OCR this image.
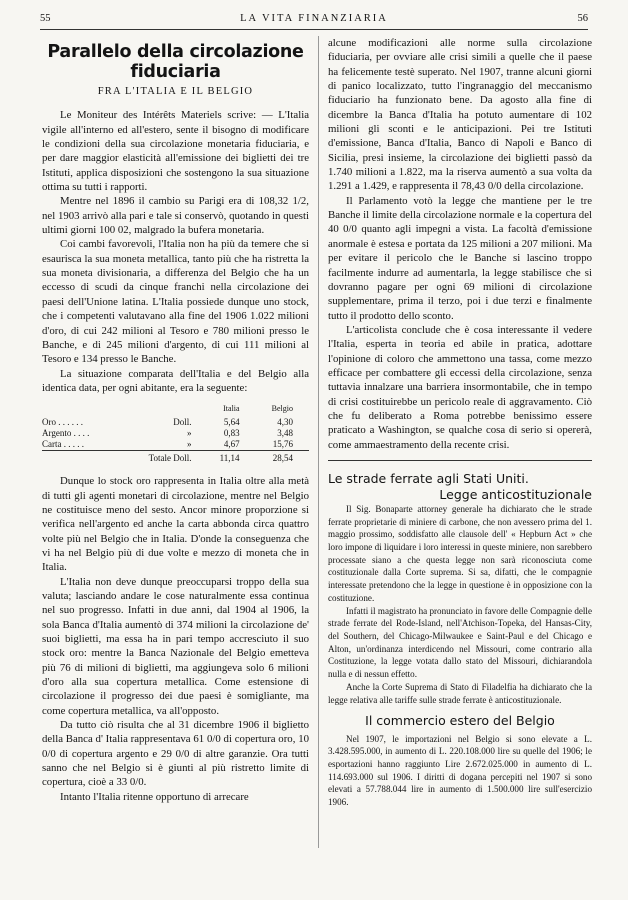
55	LA VITA FINANZIARIA	56
Parallelo della circolazione fiduciaria
FRA L'ITALIA E IL BELGIO

Le Moniteur des Intérêts Materiels scrive: — L'Italia vigile all'interno ed all'estero, sente il bisogno di modificare le condizioni della sua circolazione monetaria fiduciaria, e per dare maggior elasticità all'emissione dei biglietti dei tre Istituti, applica disposizioni che sostengono la sua situazione ottima su tutti i rapporti.

Mentre nel 1896 il cambio su Parigi era di 108,32 1/2, nel 1903 arrivò alla pari e tale si conservò, quotando in questi ultimi giorni 100 02, malgrado la bufera monetaria.

Coi cambi favorevoli, l'Italia non ha più da temere che si esaurisca la sua moneta metallica, tanto più che ha ristretta la sua moneta divisionaria, a differenza del Belgio che ha un eccesso di scudi da cinque franchi nella circolazione dei paesi dell'Unione latina. L'Italia possiede dunque uno stock, che i competenti valutavano alla fine del 1906 1.022 milioni d'oro, di cui 242 milioni al Tesoro e 780 milioni presso le Banche, e di 245 milioni d'argento, di cui 111 milioni al Tesoro e 134 presso le Banche.

La situazione comparata dell'Italia e del Belgio alla identica data, per ogni abitante, era la seguente:

		Italia	Belgio	
Oro . . . . . .	Doll.	5,64	4,30	
Argento . . . .	»	0,83	3,48	
Carta . . . . .	»	4,67	15,76	
	Totale Doll.	11,14	28,54	

Dunque lo stock oro rappresenta in Italia oltre alla metà di tutti gli agenti monetari di circolazione, mentre nel Belgio ne costituisce meno del sesto. Ancor minore proporzione si verifica nell'argento ed anche la carta abbonda circa quattro volte più nel Belgio che in Italia. D'onde la conseguenza che vi ha nel Belgio più di due volte e mezzo di moneta che in Italia.

L'Italia non deve dunque preoccuparsi troppo della sua valuta; lasciando andare le cose naturalmente essa continua nel suo progresso. Infatti in due anni, dal 1904 al 1906, la sola Banca d'Italia aumentò di 374 milioni la circolazione de' suoi biglietti, ma essa ha in pari tempo accresciuto il suo stock oro: mentre la Banca Nazionale del Belgio emetteva più 76 di milioni di biglietti, ma aggiungeva solo 6 milioni d'oro alla sua copertura metallica. Come estensione di circolazione il progresso dei due paesi è somigliante, ma come copertura metallica, va all'opposto.

Da tutto ciò risulta che al 31 dicembre 1906 il biglietto della Banca d' Italia rappresentava 61 0/0 di copertura oro, 10 0/0 di copertura argento e 29 0/0 di altre garanzie. Ora tutti sanno che nel Belgio si è giunti al più ristretto limite di copertura, cioè a 33 0/0.

Intanto l'Italia ritenne opportuno di arrecare

alcune modificazioni alle norme sulla circolazione fiduciaria, per ovviare alle crisi simili a quelle che il paese ha felicemente testè superato. Nel 1907, tranne alcuni giorni di panico localizzato, tutto l'ingranaggio del meccanismo fiduciario ha funzionato bene. Da agosto alla fine di dicembre la Banca d'Italia ha potuto aumentare di 102 milioni gli sconti e le anticipazioni. Pei tre Istituti d'emissione, Banca d'Italia, Banco di Napoli e Banco di Sicilia, presi insieme, la circolazione dei biglietti passò da 1.740 milioni a 1.822, ma la riserva aumentò a sua volta da 1.291 a 1.429, e rappresenta il 78,43 0/0 della circolazione.

Il Parlamento votò la legge che mantiene per le tre Banche il limite della circolazione normale e la copertura del 40 0/0 quanto agli impegni a vista. La facoltà d'emissione anormale è estesa e portata da 125 milioni a 207 milioni. Ma per evitare il pericolo che le Banche si lascino troppo facilmente indurre ad aumentarla, la legge stabilisce che si dovranno pagare per ogni 69 milioni di circolazione supplementare, prima il terzo, poi i due terzi e finalmente tutto il prodotto dello sconto.

L'articolista conclude che è cosa interessante il vedere l'Italia, esperta in teoria ed abile in pratica, adottare l'opinione di coloro che ammettono una tassa, come mezzo efficace per combattere gli eccessi della circolazione, senza tuttavia innalzare una barriera insormontabile, che in tempo di crisi costituirebbe un pericolo reale di aggravamento. Ciò che fu deliberato a Roma potrebbe benissimo essere praticato a Washington, se qualche cosa di serio si opererà, come ammaestramento della recente crisi.

Le strade ferrate agli Stati Uniti.
Legge anticostituzionale

Il Sig. Bonaparte attorney generale ha dichiarato che le strade ferrate proprietarie di miniere di carbone, che non avessero prima del 1. maggio prossimo, soddisfatto alle clausole dell' « Hepburn Act » che loro impone di liquidare i loro interessi in queste miniere, non sarebbero processate siano a che questa legge non sarà riconosciuta come costituzionale dalla Corte suprema. Si sa, difatti, che le compagnie interessate pretendono che la legge in questione è in opposizione con la costituzione.

Infatti il magistrato ha pronunciato in favore delle Compagnie delle strade ferrate del Rode-Island, nell'Atchison-Topeka, del Hansas-City, del Southern, del Chicago-Milwaukee e Saint-Paul e del Chicago e Alton, un'ordinanza interdicendo nel Missouri, come contrario alla Costituzione, la legge votata dallo stato del Missouri, dichiarandola nulla e di nessun effetto.

Anche la Corte Suprema di Stato di Filadelfia ha dichiarato che la legge relativa alle tariffe sulle strade ferrate è anticostituzionale.

Il commercio estero del Belgio

Nel 1907, le importazioni nel Belgio si sono elevate a L. 3.428.595.000, in aumento di L. 220.108.000 lire su quelle del 1906; le esportazioni hanno raggiunto Lire 2.672.025.000 in aumento di L. 114.693.000 sul 1906. I diritti di dogana percepiti nel 1907 si sono elevati a 57.788.044 lire in aumento di 1.500.000 lire sull'esercizio 1906.
